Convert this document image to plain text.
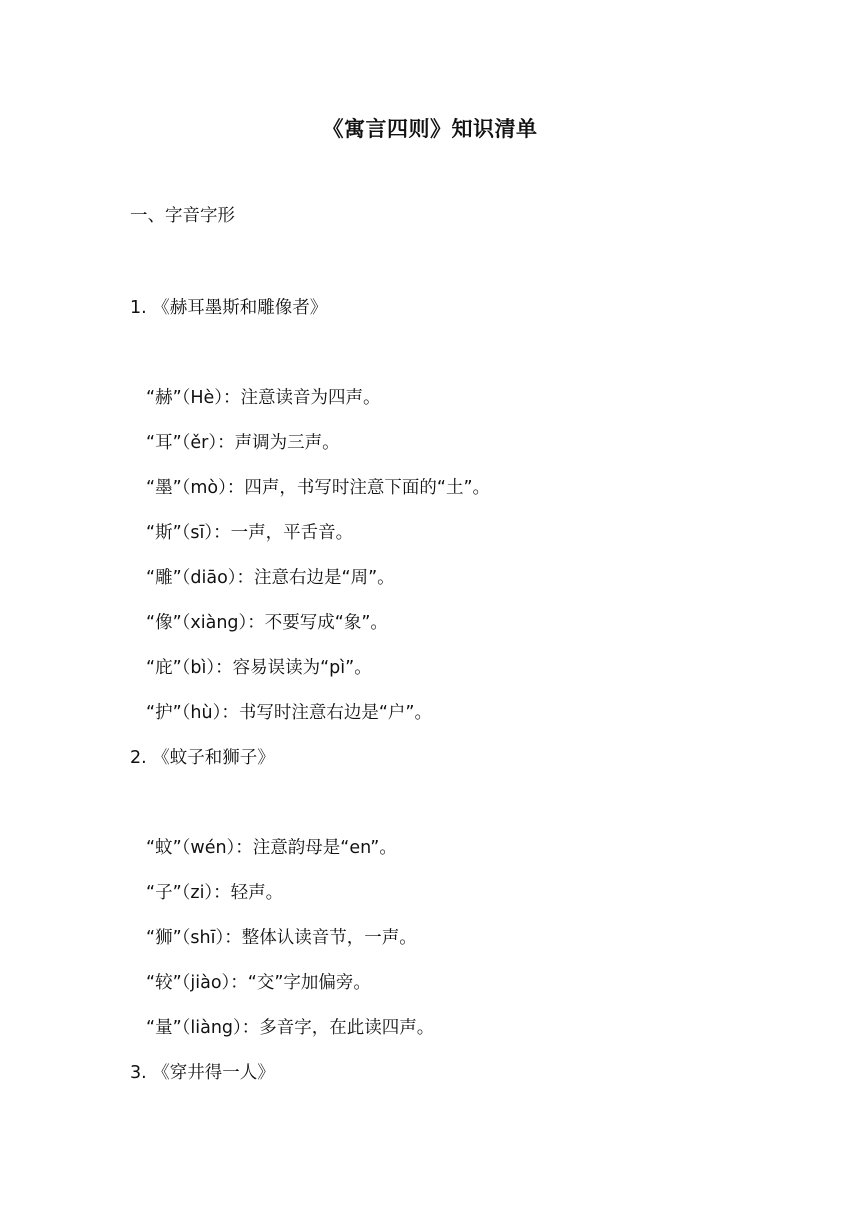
《寓言四则》知识清单
一、字音字形
1. 《赫耳墨斯和雕像者》
“赫”（Hè）：注意读音为四声。
“耳”（ěr）：声调为三声。
“墨”（mò）：四声，书写时注意下面的“土”。
“斯”（sī）：一声，平舌音。
“雕”（diāo）：注意右边是“周”。
“像”（xiàng）：不要写成“象”。
“庇”（bì）：容易误读为“pì”。
“护”（hù）：书写时注意右边是“户”。
2. 《蚊子和狮子》
“蚊”（wén）：注意韵母是“en”。
“子”（zi）：轻声。
“狮”（shī）：整体认读音节，一声。
“较”（jiào）：“交”字加偏旁。
“量”（liàng）：多音字，在此读四声。
3. 《穿井得一人》
